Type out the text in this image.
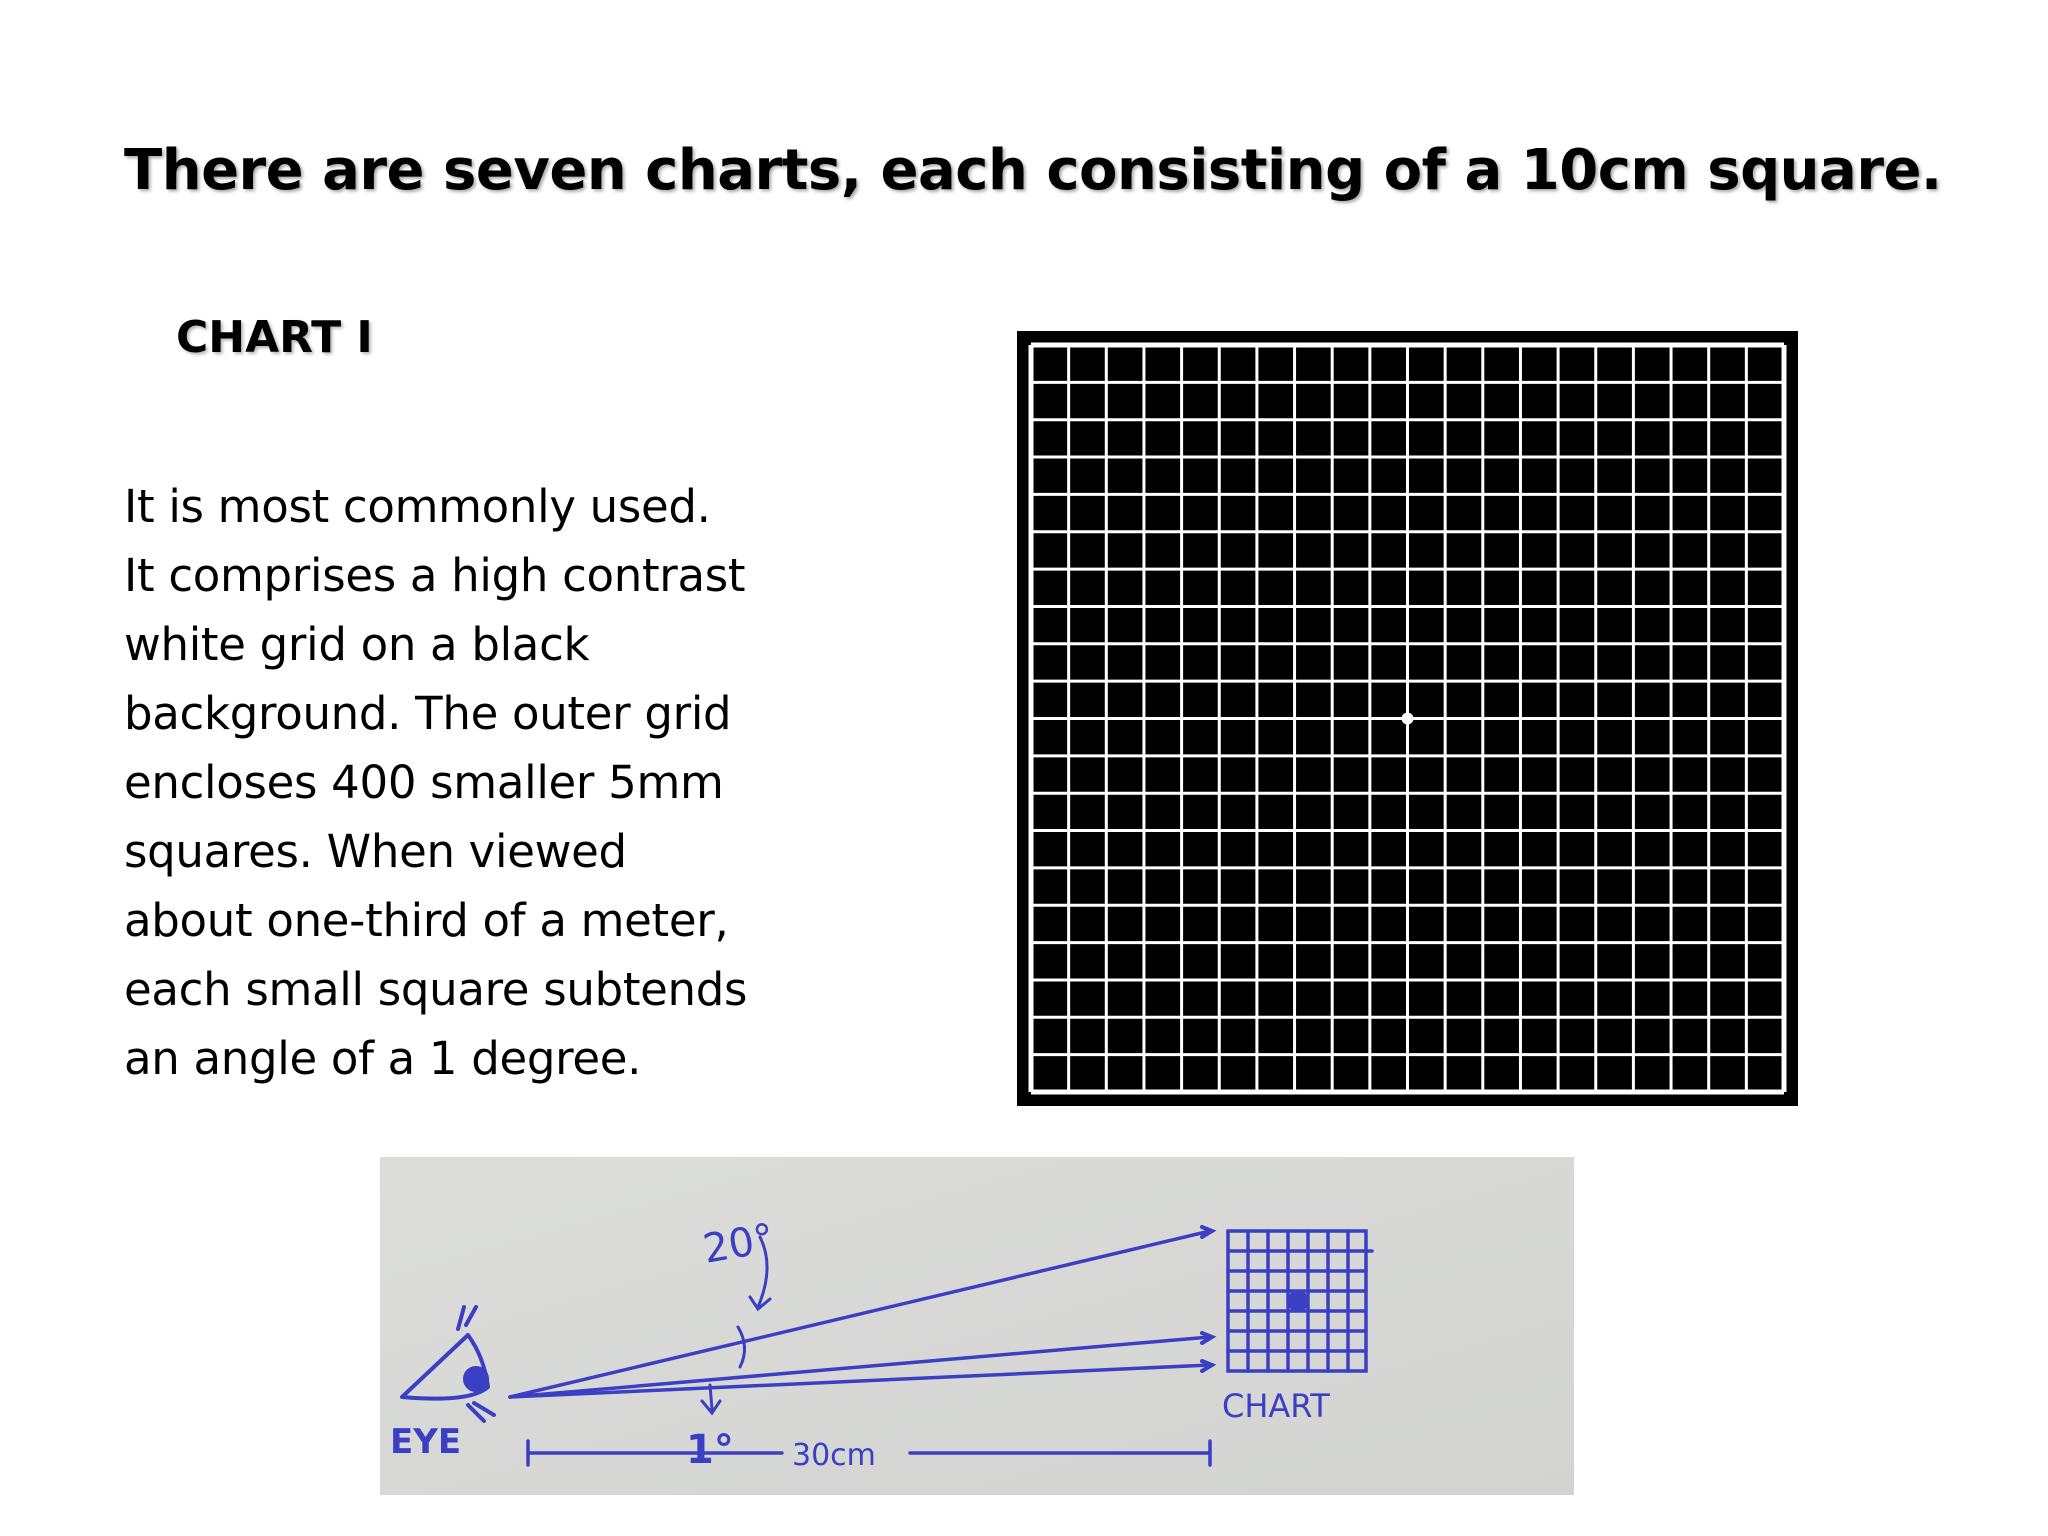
There are seven charts, each consisting of a 10cm square.
CHART I
It is most commonly used.
It comprises a high contrast
white grid on a black
background. The outer grid
encloses 400 smaller 5mm
squares. When viewed
about one-third of a meter,
each small square subtends
an angle of a 1 degree.
EYE
CHART
20°
1° 30cm
